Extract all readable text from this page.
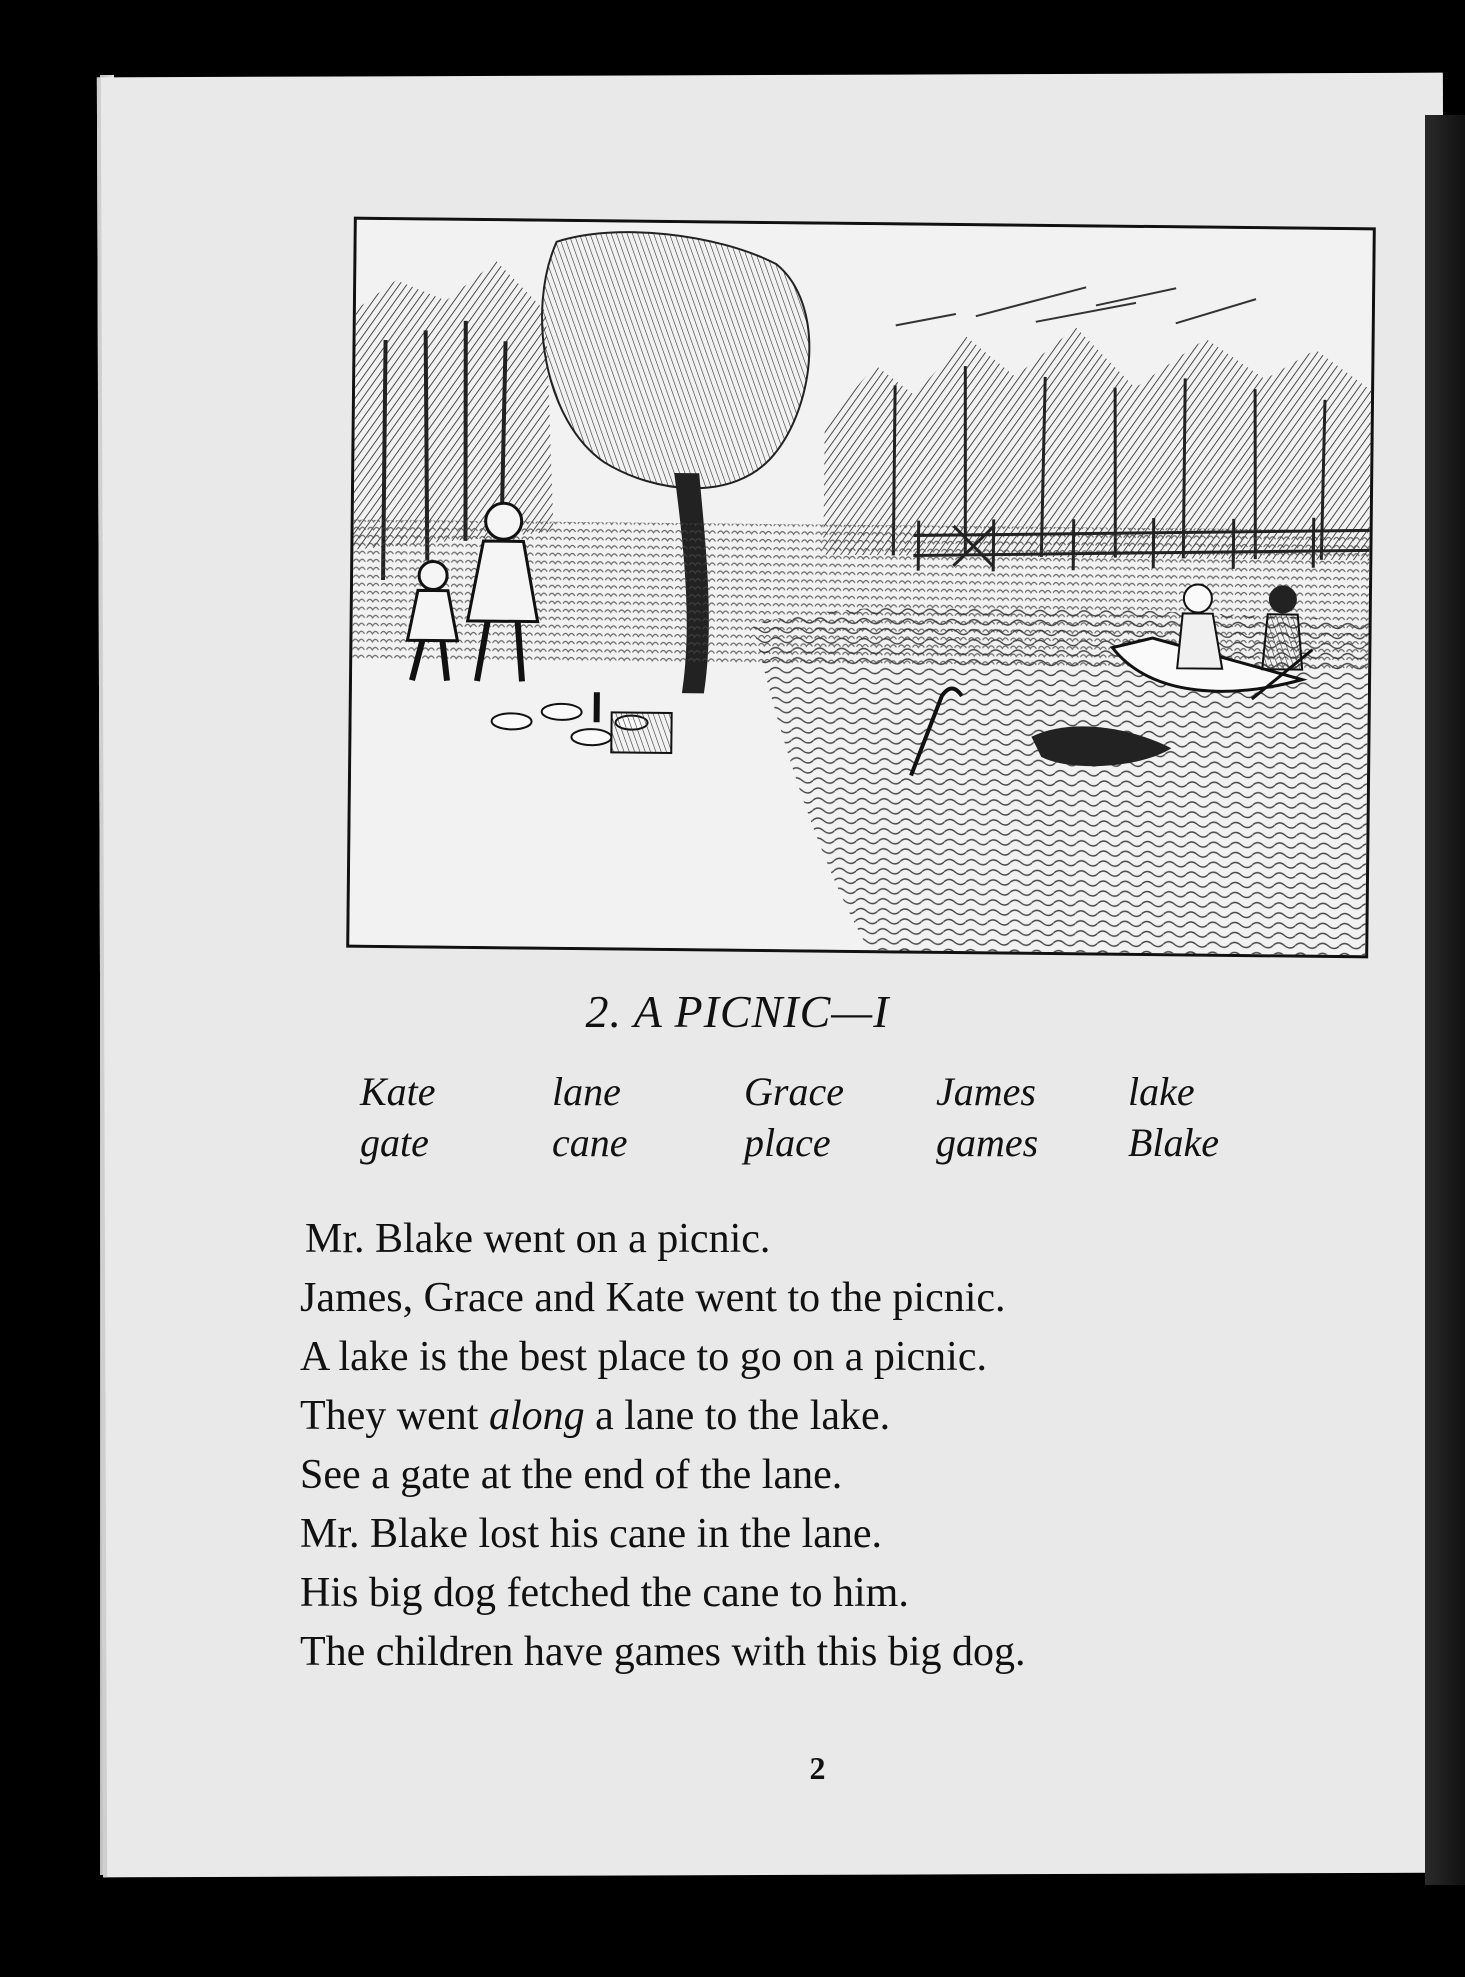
2. A PICNIC—I
Kate	lane	Grace	James	lake
gate	cane	place	games	Blake
Mr. Blake went on a picnic.
James, Grace and Kate went to the picnic.
A lake is the best place to go on a picnic.
They went along a lane to the lake.
See a gate at the end of the lane.
Mr. Blake lost his cane in the lane.
His big dog fetched the cane to him.
The children have games with this big dog.
2
